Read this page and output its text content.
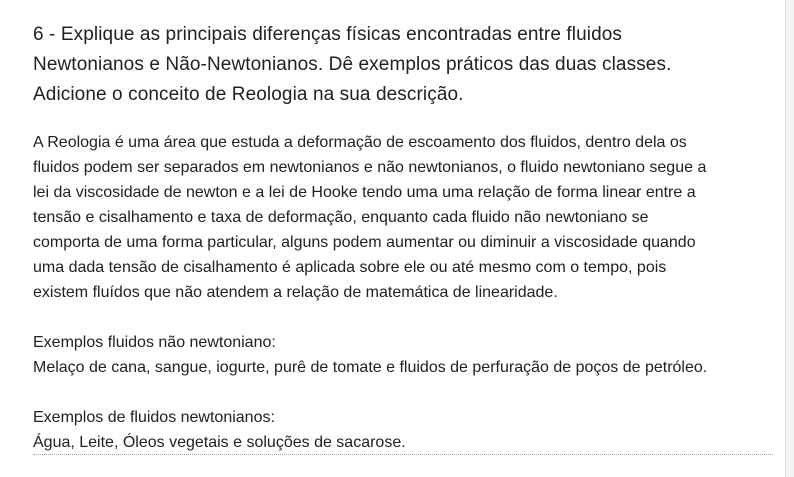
6 - Explique as principais diferenças físicas encontradas entre fluidos
Newtonianos e Não-Newtonianos. Dê exemplos práticos das duas classes.
Adicione o conceito de Reologia na sua descrição.
A Reologia é uma área que estuda a deformação de escoamento dos fluidos, dentro dela os
fluidos podem ser separados em newtonianos e não newtonianos, o fluido newtoniano segue a
lei da viscosidade de newton e a lei de Hooke tendo uma uma relação de forma linear entre a
tensão e cisalhamento e taxa de deformação, enquanto cada fluido não newtoniano se
comporta de uma forma particular, alguns podem aumentar ou diminuir a viscosidade quando
uma dada tensão de cisalhamento é aplicada sobre ele ou até mesmo com o tempo, pois
existem fluídos que não atendem a relação de matemática de linearidade.
Exemplos fluidos não newtoniano:
Melaço de cana, sangue, iogurte, purê de tomate e fluidos de perfuração de poços de petróleo.
Exemplos de fluidos newtonianos:
Água, Leite, Óleos vegetais e soluções de sacarose.
